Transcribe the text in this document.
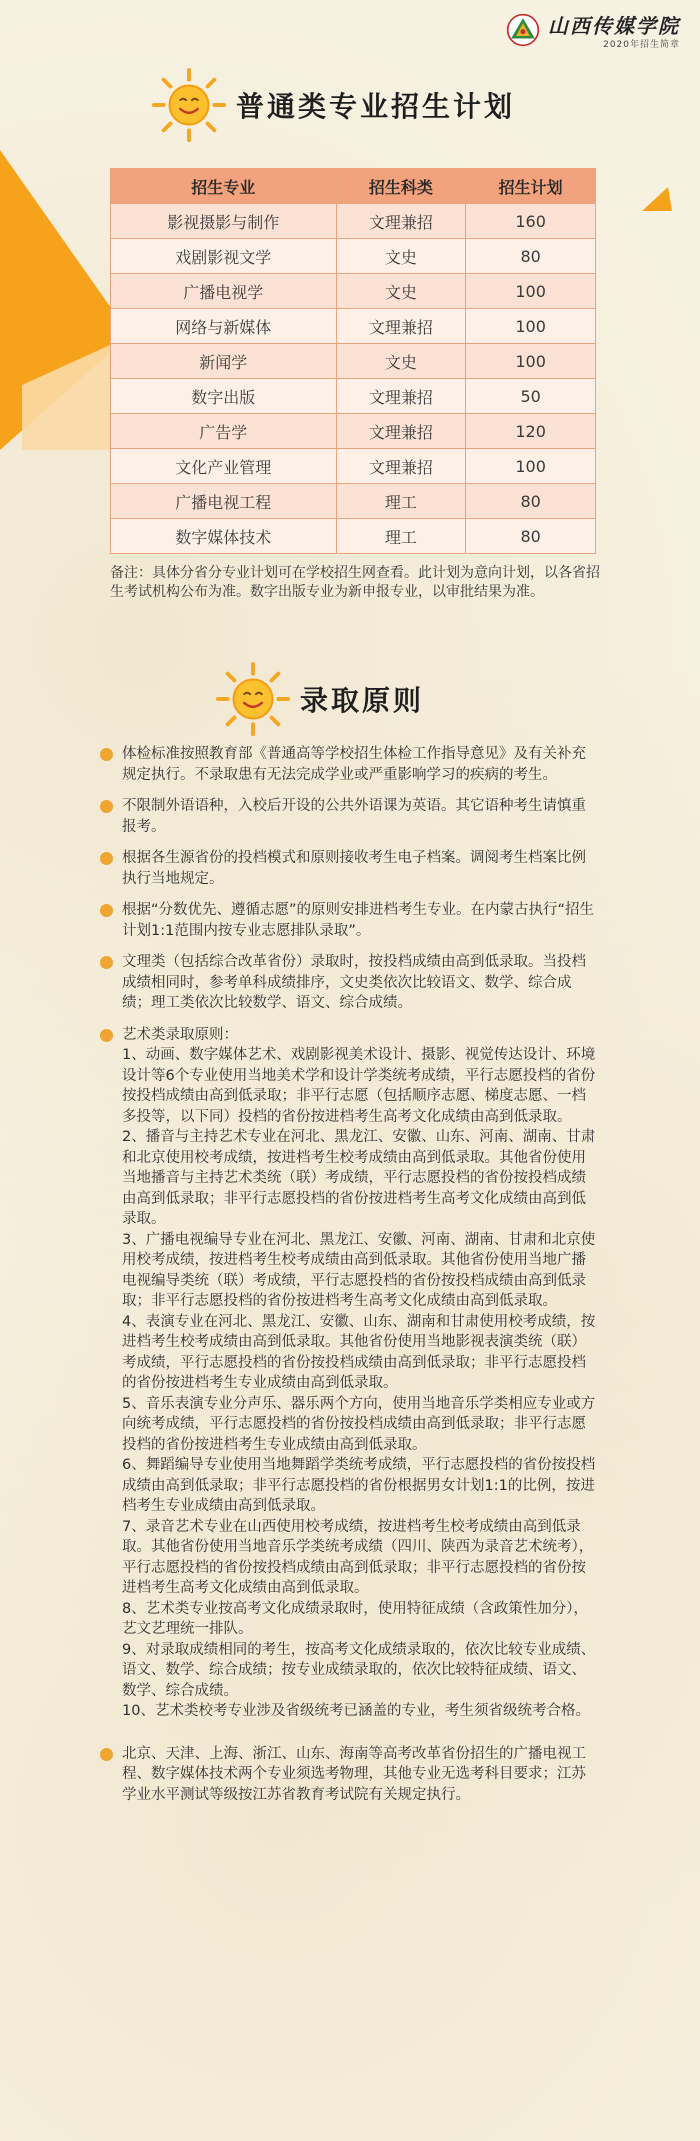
山西传媒学院
2020年招生简章
普通类专业招生计划
招生专业	招生科类	招生计划
影视摄影与制作	文理兼招	160
戏剧影视文学	文史	80
广播电视学	文史	100
网络与新媒体	文理兼招	100
新闻学	文史	100
数字出版	文理兼招	50
广告学	文理兼招	120
文化产业管理	文理兼招	100
广播电视工程	理工	80
数字媒体技术	理工	80
备注：具体分省分专业计划可在学校招生网查看。此计划为意向计划，以各省招生考试机构公布为准。数字出版专业为新申报专业，以审批结果为准。
录取原则
体检标准按照教育部《普通高等学校招生体检工作指导意见》及有关补充规定执行。不录取患有无法完成学业或严重影响学习的疾病的考生。
不限制外语语种，入校后开设的公共外语课为英语。其它语种考生请慎重报考。
根据各生源省份的投档模式和原则接收考生电子档案。调阅考生档案比例执行当地规定。
根据“分数优先、遵循志愿”的原则安排进档考生专业。在内蒙古执行“招生计划1:1范围内按专业志愿排队录取”。
文理类（包括综合改革省份）录取时，按投档成绩由高到低录取。当投档成绩相同时，参考单科成绩排序，文史类依次比较语文、数学、综合成绩；理工类依次比较数学、语文、综合成绩。
艺术类录取原则：
1、动画、数字媒体艺术、戏剧影视美术设计、摄影、视觉传达设计、环境设计等6个专业使用当地美术学和设计学类统考成绩，平行志愿投档的省份按投档成绩由高到低录取；非平行志愿（包括顺序志愿、梯度志愿、一档多投等，以下同）投档的省份按进档考生高考文化成绩由高到低录取。
2、播音与主持艺术专业在河北、黑龙江、安徽、山东、河南、湖南、甘肃和北京使用校考成绩，按进档考生校考成绩由高到低录取。其他省份使用当地播音与主持艺术类统（联）考成绩，平行志愿投档的省份按投档成绩由高到低录取；非平行志愿投档的省份按进档考生高考文化成绩由高到低录取。
3、广播电视编导专业在河北、黑龙江、安徽、河南、湖南、甘肃和北京使用校考成绩，按进档考生校考成绩由高到低录取。其他省份使用当地广播电视编导类统（联）考成绩，平行志愿投档的省份按投档成绩由高到低录取；非平行志愿投档的省份按进档考生高考文化成绩由高到低录取。
4、表演专业在河北、黑龙江、安徽、山东、湖南和甘肃使用校考成绩，按进档考生校考成绩由高到低录取。其他省份使用当地影视表演类统（联）考成绩，平行志愿投档的省份按投档成绩由高到低录取；非平行志愿投档的省份按进档考生专业成绩由高到低录取。
5、音乐表演专业分声乐、器乐两个方向，使用当地音乐学类相应专业或方向统考成绩，平行志愿投档的省份按投档成绩由高到低录取；非平行志愿投档的省份按进档考生专业成绩由高到低录取。
6、舞蹈编导专业使用当地舞蹈学类统考成绩，平行志愿投档的省份按投档成绩由高到低录取；非平行志愿投档的省份根据男女计划1:1的比例，按进档考生专业成绩由高到低录取。
7、录音艺术专业在山西使用校考成绩，按进档考生校考成绩由高到低录取。其他省份使用当地音乐学类统考成绩（四川、陕西为录音艺术统考），平行志愿投档的省份按投档成绩由高到低录取；非平行志愿投档的省份按进档考生高考文化成绩由高到低录取。
8、艺术类专业按高考文化成绩录取时，使用特征成绩（含政策性加分），艺文艺理统一排队。
9、对录取成绩相同的考生，按高考文化成绩录取的，依次比较专业成绩、语文、数学、综合成绩；按专业成绩录取的，依次比较特征成绩、语文、数学、综合成绩。
10、艺术类校考专业涉及省级统考已涵盖的专业，考生须省级统考合格。
北京、天津、上海、浙江、山东、海南等高考改革省份招生的广播电视工程、数字媒体技术两个专业须选考物理，其他专业无选考科目要求；江苏学业水平测试等级按江苏省教育考试院有关规定执行。
